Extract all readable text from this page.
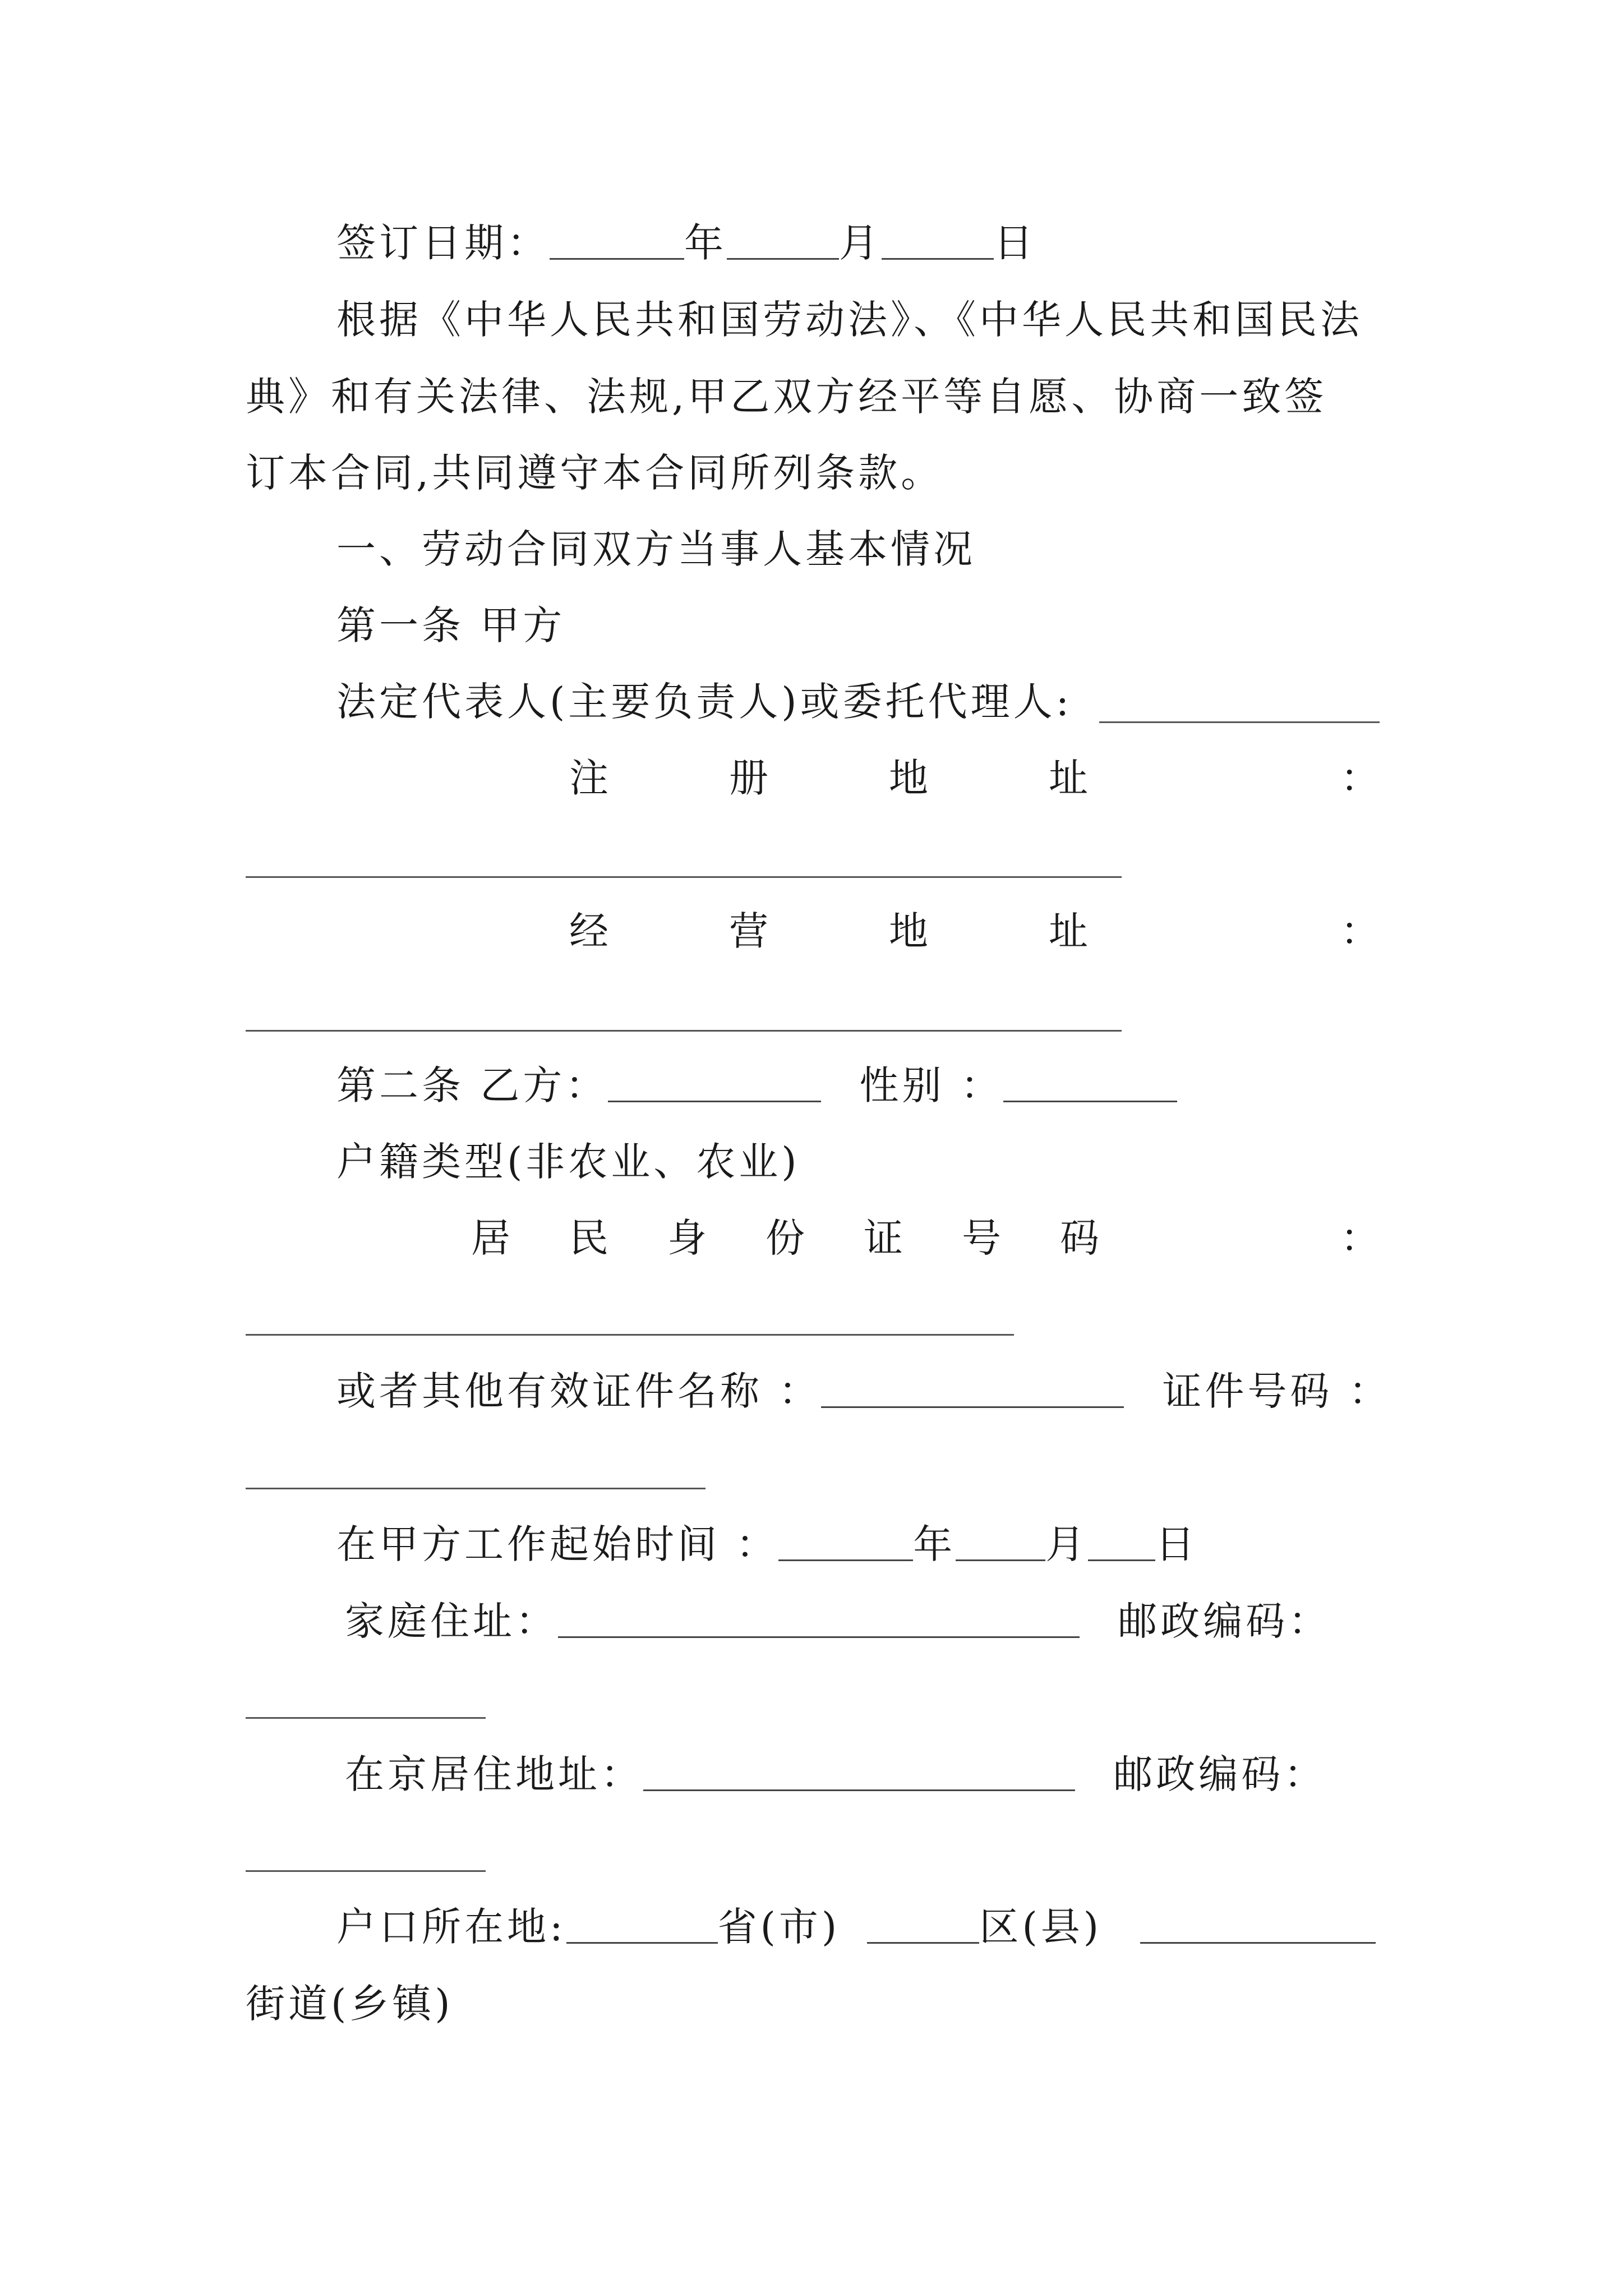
签订日期：	年	月	日
根据《中华人民共和国劳动法》、《中华人民共和国民法
典》和有关法律、法规,甲乙双方经平等自愿、协商一致签
订本合同,共同遵守本合同所列条款。
一、劳动合同双方当事人基本情况
第一条 甲方
法定代表人(主要负责人)或委托代理人:
注	册	地	址	：
经	营	地	址	：
第二条 乙方：	性别 ：
户籍类型(非农业、农业)
居 民 身 份 证 号 码	：
或者其他有效证件名称 ：	证件号码 ：
在甲方工作起始时间 ：	年 月 日
家庭住址：	邮政编码：
在京居住地址：	邮政编码：
户口所在地:	省(市)	区(县)
街道(乡镇)
